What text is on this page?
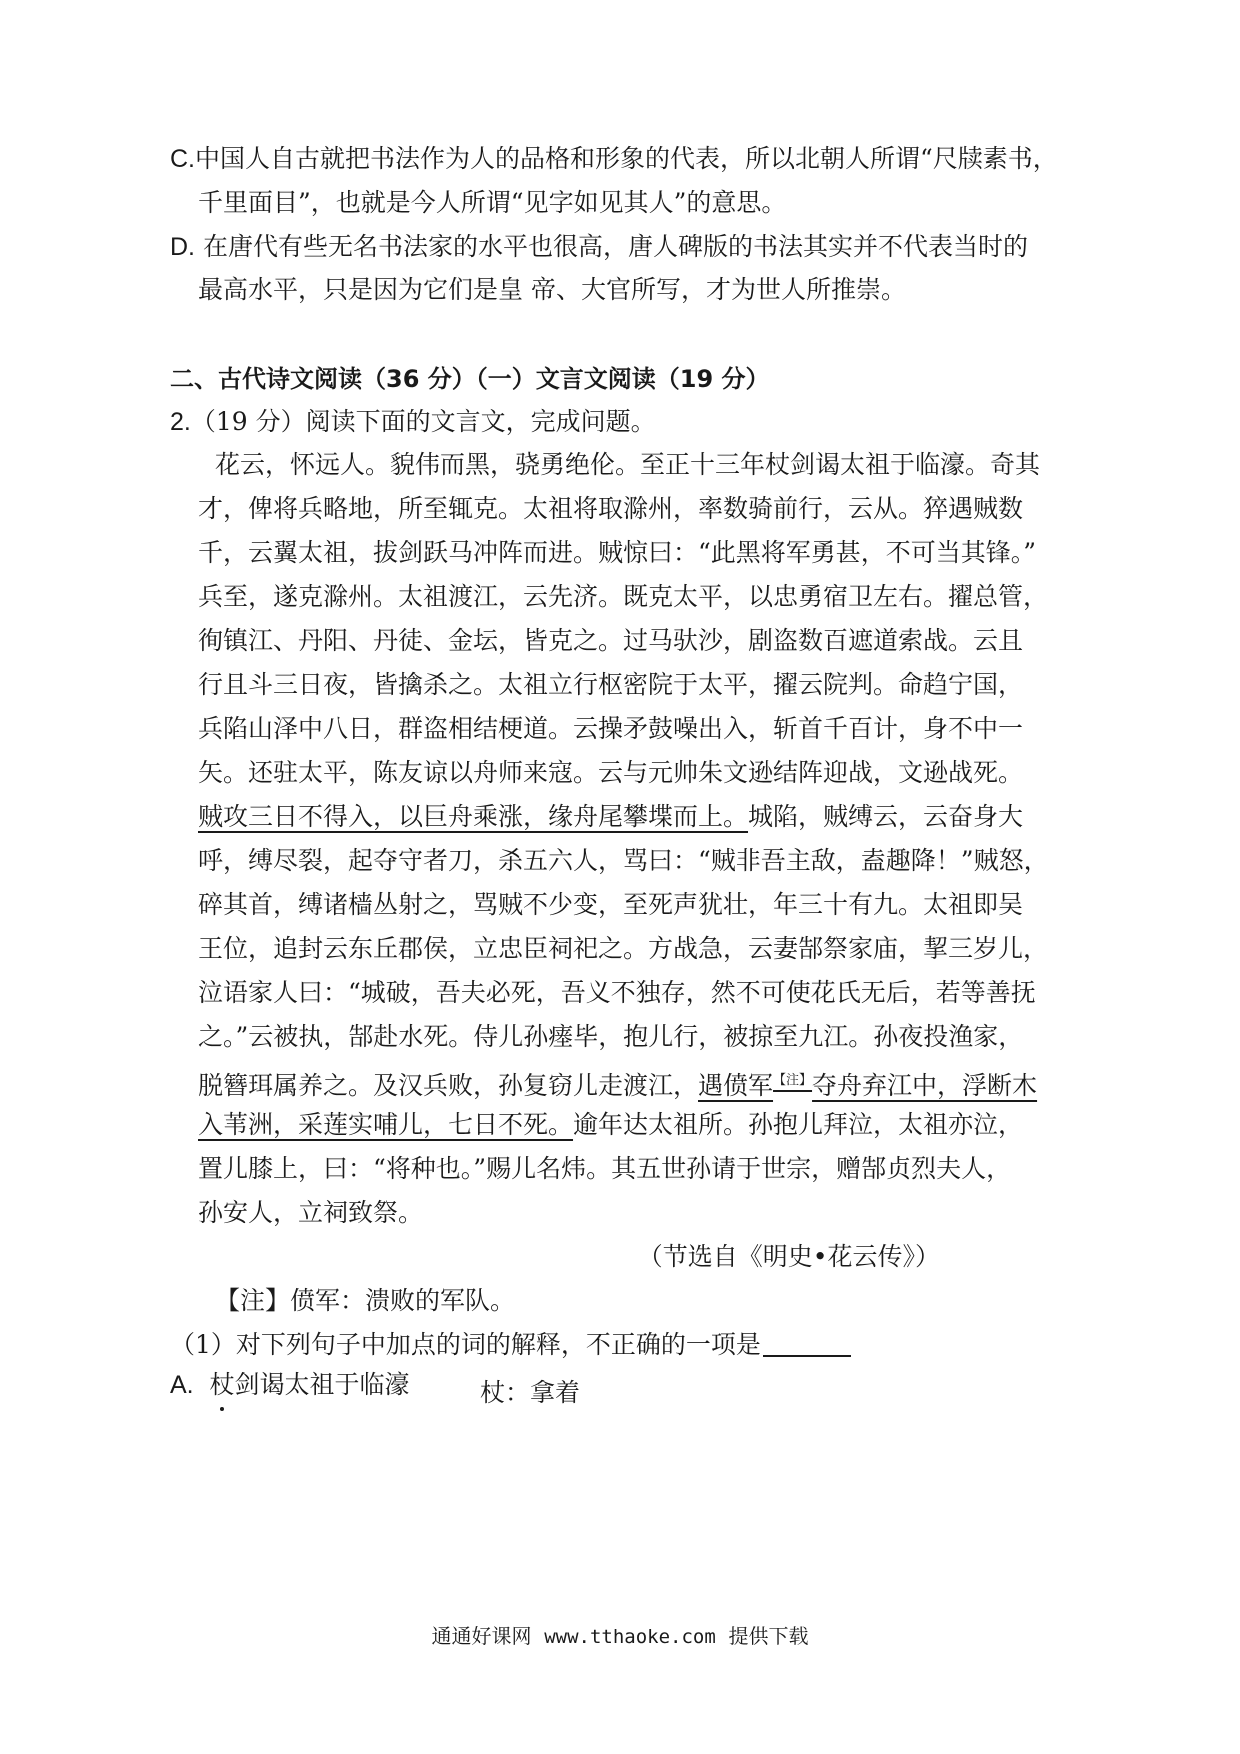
C.中国人自古就把书法作为人的品格和形象的代表，所以北朝人所谓“尺牍素书，
千里面目”，也就是今人所谓“见字如见其人”的意思。
D. 在唐代有些无名书法家的水平也很高，唐人碑版的书法其实并不代表当时的
最高水平，只是因为它们是皇 帝、大官所写，才为世人所推崇。
二、古代诗文阅读（36 分）（一）文言文阅读（19 分）
2.（19 分）阅读下面的文言文，完成问题。
花云，怀远人。貌伟而黑，骁勇绝伦。至正十三年杖剑谒太祖于临濠。奇其
才，俾将兵略地，所至辄克。太祖将取滁州，率数骑前行，云从。猝遇贼数
千，云翼太祖，拔剑跃马冲阵而进。贼惊曰：“此黑将军勇甚，不可当其锋。”
兵至，遂克滁州。太祖渡江，云先济。既克太平，以忠勇宿卫左右。擢总管，
徇镇江、丹阳、丹徒、金坛，皆克之。过马驮沙，剧盗数百遮道索战。云且
行且斗三日夜，皆擒杀之。太祖立行枢密院于太平，擢云院判。命趋宁国，
兵陷山泽中八日，群盗相结梗道。云操矛鼓噪出入，斩首千百计，身不中一
矢。还驻太平，陈友谅以舟师来寇。云与元帅朱文逊结阵迎战，文逊战死。
贼攻三日不得入，以巨舟乘涨，缘舟尾攀堞而上。城陷，贼缚云，云奋身大
呼，缚尽裂，起夺守者刀，杀五六人，骂曰：“贼非吾主敌，盍趣降！”贼怒，
碎其首，缚诸樯丛射之，骂贼不少变，至死声犹壮，年三十有九。太祖即吴
王位，追封云东丘郡侯，立忠臣祠祀之。方战急，云妻郜祭家庙，挈三岁儿，
泣语家人曰：“城破，吾夫必死，吾义不独存，然不可使花氏无后，若等善抚
之。”云被执，郜赴水死。侍儿孙瘗毕，抱儿行，被掠至九江。孙夜投渔家，
脱簪珥属养之。及汉兵败，孙复窃儿走渡江，遇偾军$^{【注】}$夺舟弃江中，浮断木
入苇洲，采莲实哺儿，七日不死。逾年达太祖所。孙抱儿拜泣，太祖亦泣，
置儿膝上，曰：“将种也。”赐儿名炜。其五世孙请于世宗，赠郜贞烈夫人，
孙安人，立祠致祭。
（节选自《明史•花云传》）
【注】偾军：溃败的军队。
（1）对下列句子中加点的词的解释，不正确的一项是
A. 杖剑谒太祖于临濠	杖：拿着
通通好课网 www.tthaoke.com 提供下载
